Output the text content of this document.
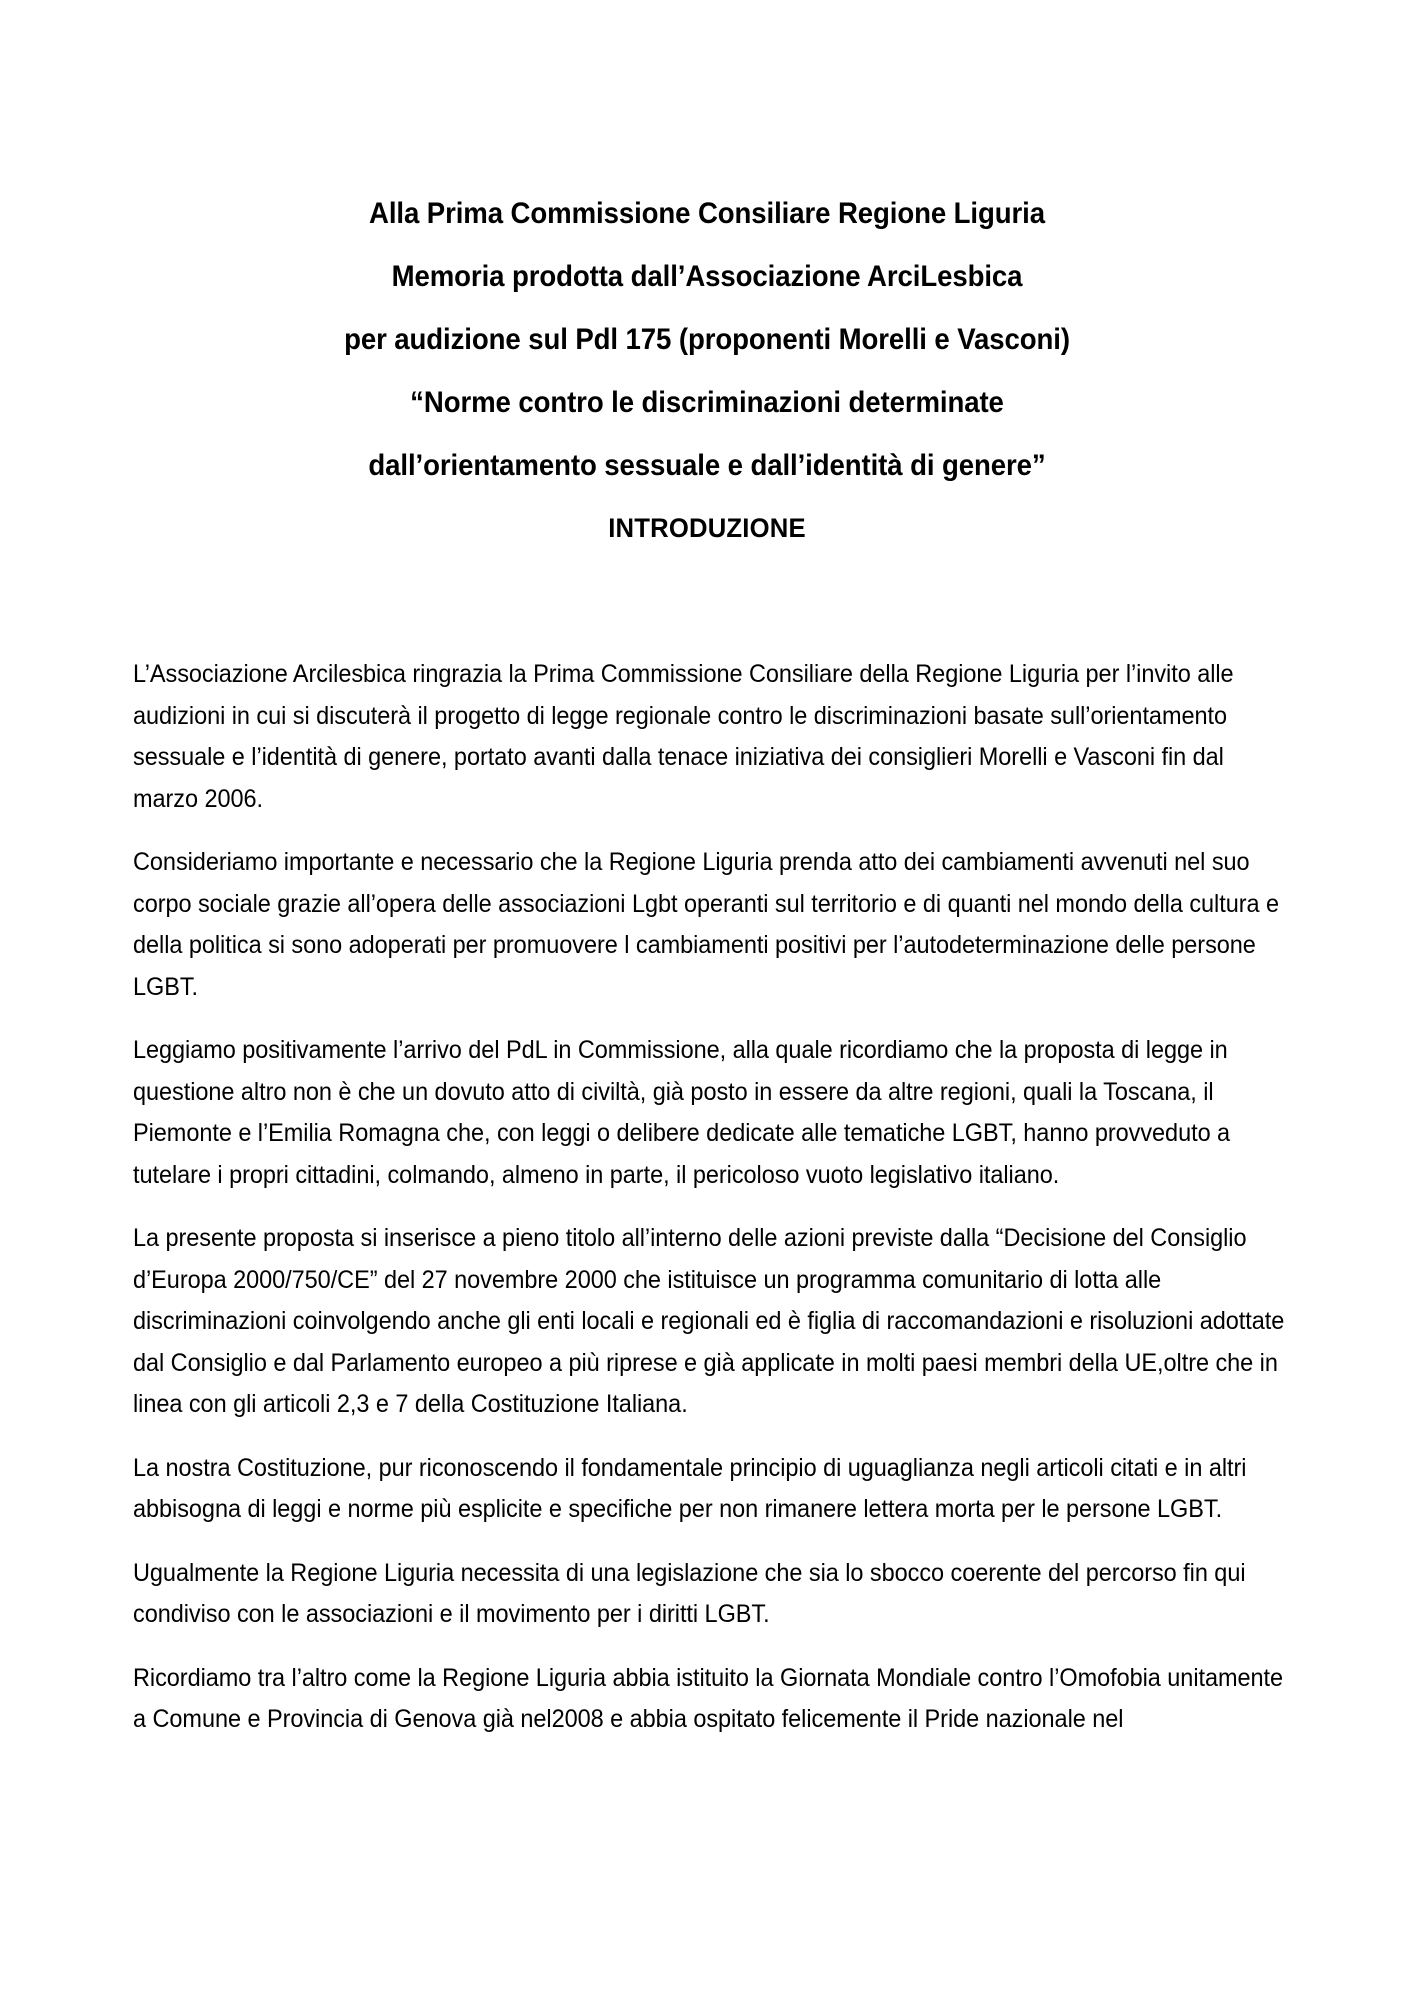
Alla Prima Commissione Consiliare Regione Liguria
Memoria prodotta dall’Associazione ArciLesbica
per audizione sul Pdl 175 (proponenti Morelli e Vasconi)
“Norme contro le discriminazioni determinate
dall’orientamento sessuale e dall’identità di genere”
INTRODUZIONE

L’Associazione Arcilesbica ringrazia la Prima Commissione Consiliare della Regione Liguria per l’invito alle audizioni in cui si discuterà il progetto di legge regionale contro le discriminazioni basate sull’orientamento sessuale e l’identità di genere, portato avanti dalla tenace iniziativa dei consiglieri Morelli e Vasconi fin dal marzo 2006.

Consideriamo importante e necessario che la Regione Liguria prenda atto dei cambiamenti avvenuti nel suo corpo sociale grazie all’opera delle associazioni Lgbt operanti sul territorio e di quanti nel mondo della cultura e della politica si sono adoperati per promuovere l cambiamenti positivi per l’autodeterminazione delle persone LGBT.

Leggiamo positivamente l’arrivo del PdL in Commissione, alla quale ricordiamo che la proposta di legge in questione altro non è che un dovuto atto di civiltà, già posto in essere da altre regioni, quali la Toscana, il Piemonte e l’Emilia Romagna che, con leggi o delibere dedicate alle tematiche LGBT, hanno provveduto a tutelare i propri cittadini, colmando, almeno in parte, il pericoloso vuoto legislativo italiano.

La presente proposta si inserisce a pieno titolo all’interno delle azioni previste dalla “Decisione del Consiglio d’Europa 2000/750/CE” del 27 novembre 2000 che istituisce un programma comunitario di lotta alle discriminazioni coinvolgendo anche gli enti locali e regionali ed è figlia di raccomandazioni e risoluzioni adottate dal Consiglio e dal Parlamento europeo a più riprese e già applicate in molti paesi membri della UE,oltre che in linea con gli articoli 2,3 e 7 della Costituzione Italiana.

La nostra Costituzione, pur riconoscendo il fondamentale principio di uguaglianza negli articoli citati e in altri abbisogna di leggi e norme più esplicite e specifiche per non rimanere lettera morta per le persone LGBT.

Ugualmente la Regione Liguria necessita di una legislazione che sia lo sbocco coerente del percorso fin qui condiviso con le associazioni e il movimento per i diritti LGBT.

Ricordiamo tra l’altro come la Regione Liguria abbia istituito la Giornata Mondiale contro l’Omofobia unitamente a Comune e Provincia di Genova già nel2008 e abbia ospitato felicemente il Pride nazionale nel
